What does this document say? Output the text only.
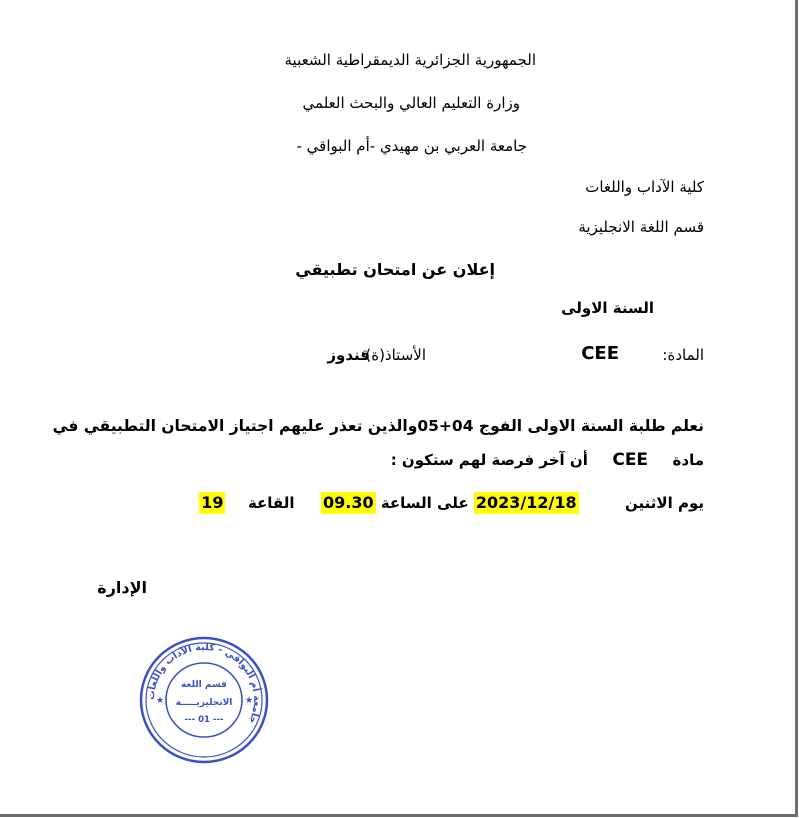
الجمهورية الجزائرية الديمقراطية الشعبية
وزارة التعليم العالي والبحث العلمي
جامعة العربي بن مهيدي -أم البواقي -
كلية الآداب واللغات
قسم اللغة الانجليزية
إعلان عن امتحان تطبيقي
السنة الاولى
المادة:
CEE
الأستاذ(ة):
قندوز
نعلم طلبة السنة الاولى الفوج 04+05والذين تعذر عليهم اجتياز الامتحان التطبيقي في
مادة  CEE  أن آخر فرصة لهم ستكون :
يوم الاثنين  2023/12/18 على الساعة 09.30  القاعة  19
الإدارة
جامعة أم البواقي - كلية الآداب واللغات
قسم اللغة
الانجليزيـــــة
--- 01 ---
★	★
